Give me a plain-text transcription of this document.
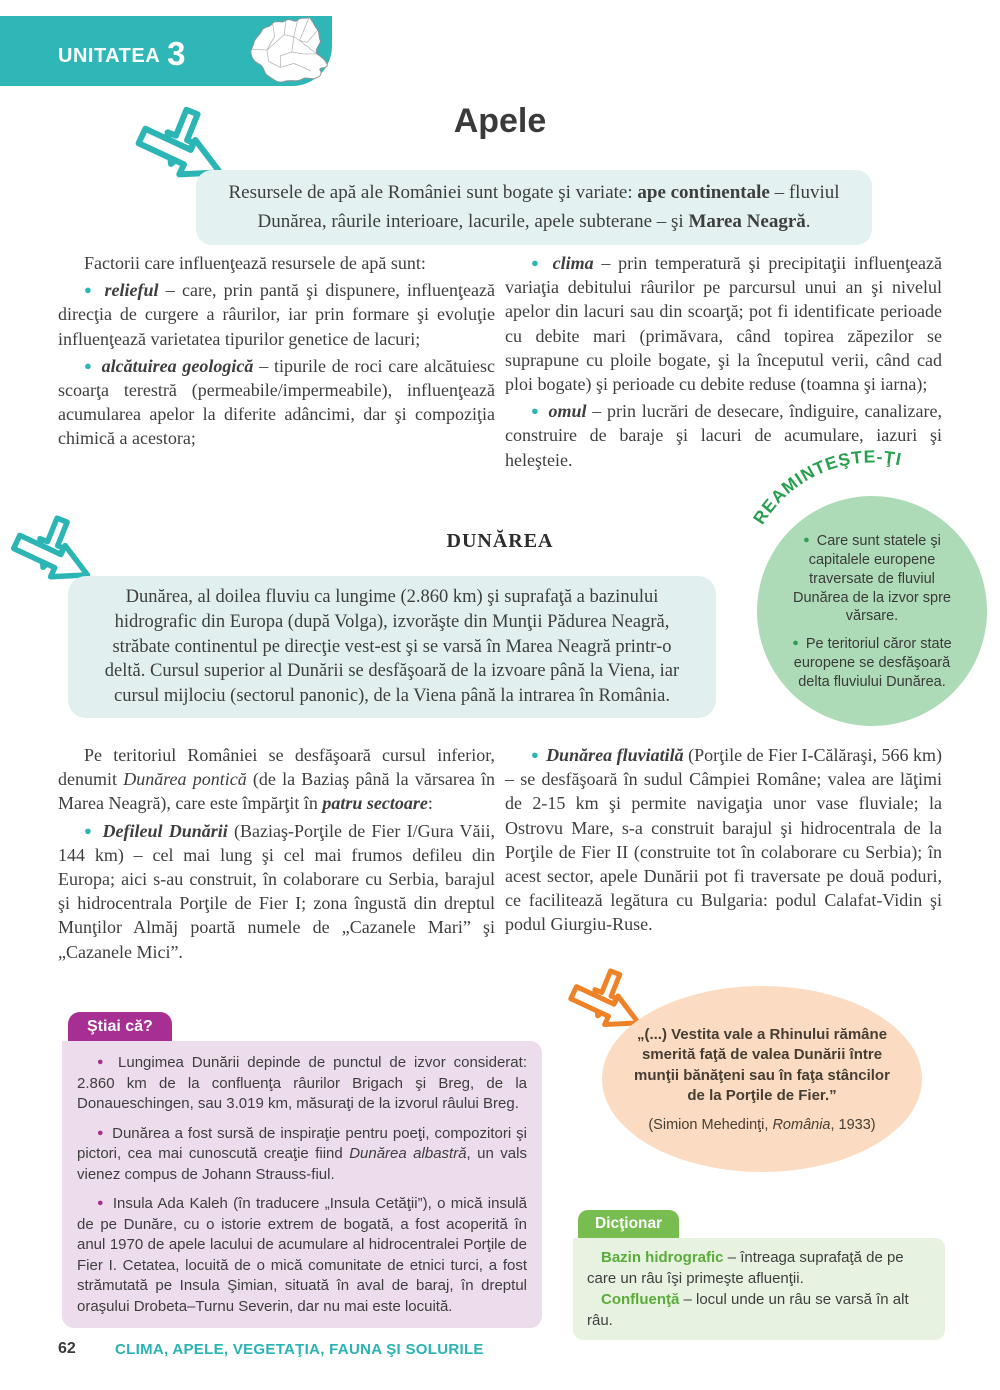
UNITATEA 3
Apele

Resursele de apă ale României sunt bogate şi variate: ape continentale – fluviul Dunărea, râurile interioare, lacurile, apele subterane – şi Marea Neagră.

Factorii care influenţează resursele de apă sunt:

● relieful – care, prin pantă şi dispunere, influenţează direcţia de curgere a râurilor, iar prin formare şi evoluţie influenţează varietatea tipurilor genetice de lacuri;

● alcătuirea geologică – tipurile de roci care alcătuiesc scoarţa terestră (permeabile/impermeabile), influenţează acumularea apelor la diferite adâncimi, dar şi compoziţia chimică a acestora;

● clima – prin temperatură şi precipitaţii influenţează variaţia debitului râurilor pe parcursul unui an şi nivelul apelor din lacuri sau din scoarţă; pot fi identificate perioade cu debite mari (primăvara, când topirea zăpezilor se suprapune cu ploile bogate, şi la începutul verii, când cad ploi bogate) şi perioade cu debite reduse (toamna şi iarna);

● omul – prin lucrări de desecare, îndiguire, canalizare, construire de baraje şi lacuri de acumulare, iazuri şi heleşteie.

DUNĂREA

Dunărea, al doilea fluviu ca lungime (2.860 km) şi suprafaţă a bazinului hidrografic din Europa (după Volga), izvorăşte din Munţii Pădurea Neagră, străbate continentul pe direcţie vest-est şi se varsă în Marea Neagră printr-o deltă. Cursul superior al Dunării se desfăşoară de la izvoare până la Viena, iar cursul mijlociu (sectorul panonic), de la Viena până la intrarea în România.

REAMINTEŞTE-ŢI

● Care sunt statele şi capitalele europene traversate de fluviul Dunărea de la izvor spre vărsare.

● Pe teritoriul căror state europene se desfăşoară delta fluviului Dunărea.

Pe teritoriul României se desfăşoară cursul inferior, denumit Dunărea pontică (de la Baziaş până la vărsarea în Marea Neagră), care este împărţit în patru sectoare:

● Defileul Dunării (Baziaş-Porţile de Fier I/Gura Văii, 144 km) – cel mai lung şi cel mai frumos defileu din Europa; aici s-au construit, în colaborare cu Serbia, barajul şi hidrocentrala Porţile de Fier I; zona îngustă din dreptul Munţilor Almăj poartă numele de „Cazanele Mari” şi „Cazanele Mici”.

● Dunărea fluviatilă (Porţile de Fier I-Călăraşi, 566 km) – se desfăşoară în sudul Câmpiei Române; valea are lăţimi de 2-15 km şi permite navigaţia unor vase fluviale; la Ostrovu Mare, s-a construit barajul şi hidrocentrala de la Porţile de Fier II (construite tot în colaborare cu Serbia); în acest sector, apele Dunării pot fi traversate pe două poduri, ce facilitează legătura cu Bulgaria: podul Calafat-Vidin şi podul Giurgiu-Ruse.

Ştiai că?

● Lungimea Dunării depinde de punctul de izvor considerat: 2.860 km de la confluenţa râurilor Brigach şi Breg, de la Donaueschingen, sau 3.019 km, măsuraţi de la izvorul râului Breg.

● Dunărea a fost sursă de inspiraţie pentru poeţi, compozitori şi pictori, cea mai cunoscută creaţie fiind Dunărea albastră, un vals vienez compus de Johann Strauss-fiul.

● Insula Ada Kaleh (în traducere „Insula Cetăţii”), o mică insulă de pe Dunăre, cu o istorie extrem de bogată, a fost acoperită în anul 1970 de apele lacului de acumulare al hidrocentralei Porţile de Fier I. Cetatea, locuită de o mică comunitate de etnici turci, a fost strămutată pe Insula Şimian, situată în aval de baraj, în dreptul oraşului Drobeta–Turnu Severin, dar nu mai este locuită.

„(...) Vestita vale a Rhinului rămâne smerită faţă de valea Dunării între munţii bănăţeni sau în faţa stâncilor de la Porţile de Fier.”

(Simion Mehedinţi, România, 1933)

Dicţionar

Bazin hidrografic – întreaga suprafaţă de pe care un râu îşi primeşte afluenţii.

Confluenţă – locul unde un râu se varsă în alt râu.

62	CLIMA, APELE, VEGETAŢIA, FAUNA ŞI SOLURILE
